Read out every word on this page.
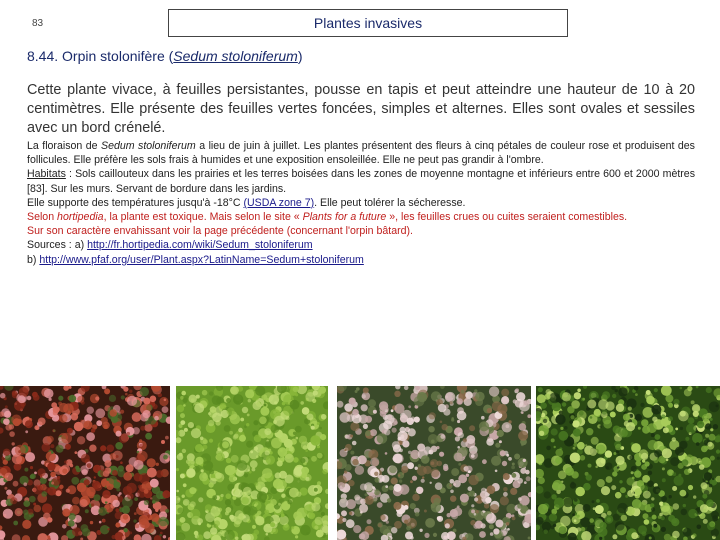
83	Plantes invasives
8.44. Orpin stolonifère (Sedum stoloniferum)
Cette plante vivace, à feuilles persistantes, pousse en tapis et peut atteindre une hauteur de 10 à 20 centimètres. Elle présente des feuilles vertes foncées, simples et alternes. Elles sont ovales et sessiles avec un bord crénelé.

La floraison de Sedum stoloniferum a lieu de juin à juillet. Les plantes présentent des fleurs à cinq pétales de couleur rose et produisent des follicules. Elle préfère les sols frais à humides et une exposition ensoleillée. Elle ne peut pas grandir à l'ombre.

Habitats : Sols caillouteux dans les prairies et les terres boisées dans les zones de moyenne montagne et inférieurs entre 600 et 2000 mètres [83]. Sur les murs. Servant de bordure dans les jardins.

Elle supporte des températures jusqu'à -18°C (USDA zone 7). Elle peut tolérer la sécheresse.

Selon hortipedia, la plante est toxique. Mais selon le site « Plants for a future », les feuilles crues ou cuites seraient comestibles.

Sur son caractère envahissant voir la page précédente (concernant l'orpin bâtard).

Sources : a) http://fr.hortipedia.com/wiki/Sedum_stoloniferum

b) http://www.pfaf.org/user/Plant.aspx?LatinName=Sedum+stoloniferum
